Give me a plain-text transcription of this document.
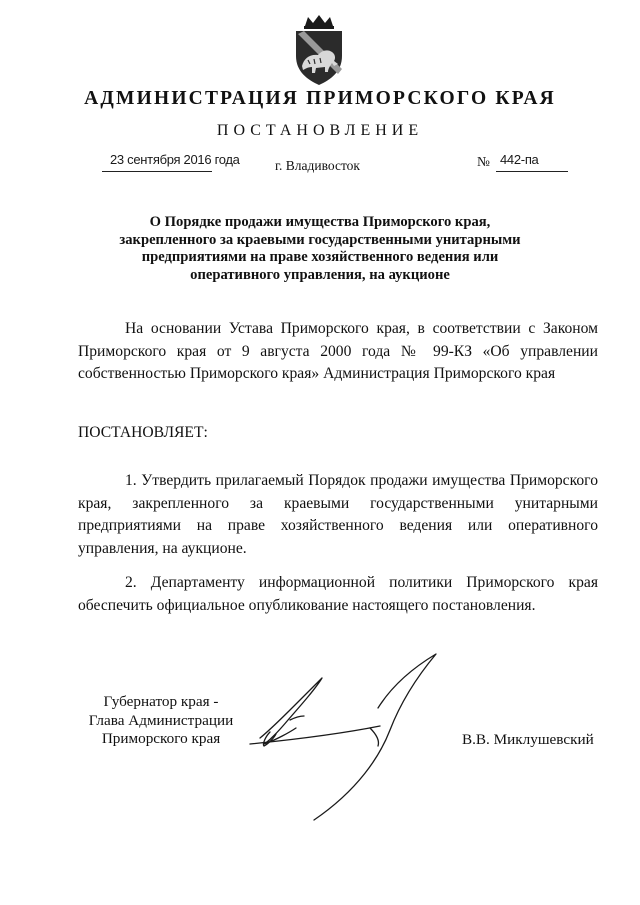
АДМИНИСТРАЦИЯ ПРИМОРСКОГО КРАЯ
ПОСТАНОВЛЕНИЕ
23 сентября 2016 года	г. Владивосток	№ 442-па
О Порядке продажи имущества Приморского края,
закрепленного за краевыми государственными унитарными
предприятиями на праве хозяйственного ведения или
оперативного управления, на аукционе

На основании Устава Приморского края, в соответствии с Законом Приморского края от 9 августа 2000 года № 99-КЗ «Об управлении собственностью Приморского края» Администрация Приморского края

ПОСТАНОВЛЯЕТ:

1. Утвердить прилагаемый Порядок продажи имущества Приморского края, закрепленного за краевыми государственными унитарными предприятиями на праве хозяйственного ведения или оперативного управления, на аукционе.

2. Департаменту информационной политики Приморского края обеспечить официальное опубликование настоящего постановления.

Губернатор края -
Глава Администрации
Приморского края	В.В. Миклушевский
